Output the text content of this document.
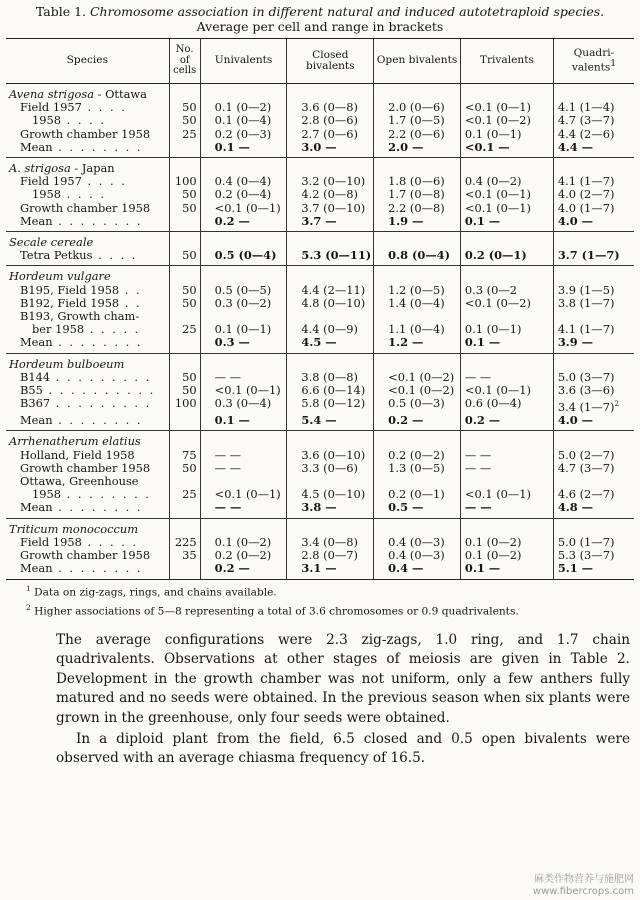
Table 1. Chromosome association in different natural and induced autotetraploid species.
Average per cell and range in brackets
Species	No. of cells	Univalents	Closed bivalents	Open bivalents	Trivalents	Quadri-valents$^1$
Avena strigosa - Ottawa						
Field 1957 . . . .	50	0.1 (0—2)	3.6 (0—8)	2.0 (0—6)	<0.1 (0—1)	4.1 (1—4)
1958 . . . .	50	0.1 (0—4)	2.8 (0—6)	1.7 (0—5)	<0.1 (0—2)	4.7 (3—7)
Growth chamber 1958	25	0.2 (0—3)	2.7 (0—6)	2.2 (0—6)	0.1 (0—1)	4.4 (2—6)
Mean . . . . . . . .		0.1 —	3.0 —	2.0 —	<0.1 —	4.4 —
A. strigosa - Japan						
Field 1957 . . . .	100	0.4 (0—4)	3.2 (0—10)	1.8 (0—6)	0.4 (0—2)	4.1 (1—7)
1958 . . . .	50	0.2 (0—4)	4.2 (0—8)	1.7 (0—8)	<0.1 (0—1)	4.0 (2—7)
Growth chamber 1958	50	<0.1 (0—1)	3.7 (0—10)	2.2 (0—8)	<0.1 (0—1)	4.0 (1—7)
Mean . . . . . . . .		0.2 —	3.7 —	1.9 —	0.1 —	4.0 —
Secale cereale						
Tetra Petkus . . . .	50	0.5 (0—4)	5.3 (0—11)	0.8 (0—4)	0.2 (0—1)	3.7 (1—7)
Hordeum vulgare						
B195, Field 1958 . .	50	0.5 (0—5)	4.4 (2—11)	1.2 (0—5)	0.3 (0—2	3.9 (1—5)
B192, Field 1958 . .	50	0.3 (0—2)	4.8 (0—10)	1.4 (0—4)	<0.1 (0—2)	3.8 (1—7)
B193, Growth cham-						
ber 1958 . . . . .	25	0.1 (0—1)	4.4 (0—9)	1.1 (0—4)	0.1 (0—1)	4.1 (1—7)
Mean . . . . . . . .		0.3 —	4.5 —	1.2 —	0.1 —	3.9 —
Hordeum bulboeum						
B144 . . . . . . . . .	50	— —	3.8 (0—8)	<0.1 (0—2)	— —	5.0 (3—7)
B55 . . . . . . . . . .	50	<0.1 (0—1)	6.6 (0—14)	<0.1 (0—2)	<0.1 (0—1)	3.6 (3—6)
B367 . . . . . . . . .	100	0.3 (0—4)	5.8 (0—12)	0.5 (0—3)	0.6 (0—4)	3.4 (1—7)$^2$
Mean . . . . . . . .		0.1 —	5.4 —	0.2 —	0.2 —	4.0 —
Arrhenatherum elatius						
Holland, Field 1958	75	— —	3.6 (0—10)	0.2 (0—2)	— —	5.0 (2—7)
Growth chamber 1958	50	— —	3.3 (0—6)	1.3 (0—5)	— —	4.7 (3—7)
Ottawa, Greenhouse						
1958 . . . . . . . .	25	<0.1 (0—1)	4.5 (0—10)	0.2 (0—1)	<0.1 (0—1)	4.6 (2—7)
Mean . . . . . . . .		— —	3.8 —	0.5 —	— —	4.8 —
Triticum monococcum						
Field 1958 . . . . .	225	0.1 (0—2)	3.4 (0—8)	0.4 (0—3)	0.1 (0—2)	5.0 (1—7)
Growth chamber 1958	35	0.2 (0—2)	2.8 (0—7)	0.4 (0—3)	0.1 (0—2)	5.3 (3—7)
Mean . . . . . . . .		0.2 —	3.1 —	0.4 —	0.1 —	5.1 —
$^1$ Data on zig-zags, rings, and chains available.
$^2$ Higher associations of 5—8 representing a total of 3.6 chromosomes or 0.9 quadrivalents.

The average configurations were 2.3 zig-zags, 1.0 ring, and 1.7 chain quadrivalents. Observations at other stages of meiosis are given in Table 2. Development in the growth chamber was not uniform, only a few anthers fully matured and no seeds were obtained. In the previous season when six plants were grown in the greenhouse, only four seeds were obtained.

In a diploid plant from the field, 6.5 closed and 0.5 open bivalents were observed with an average chiasma frequency of 16.5.

麻类作物营养与施肥网
www.fibercrops.com
